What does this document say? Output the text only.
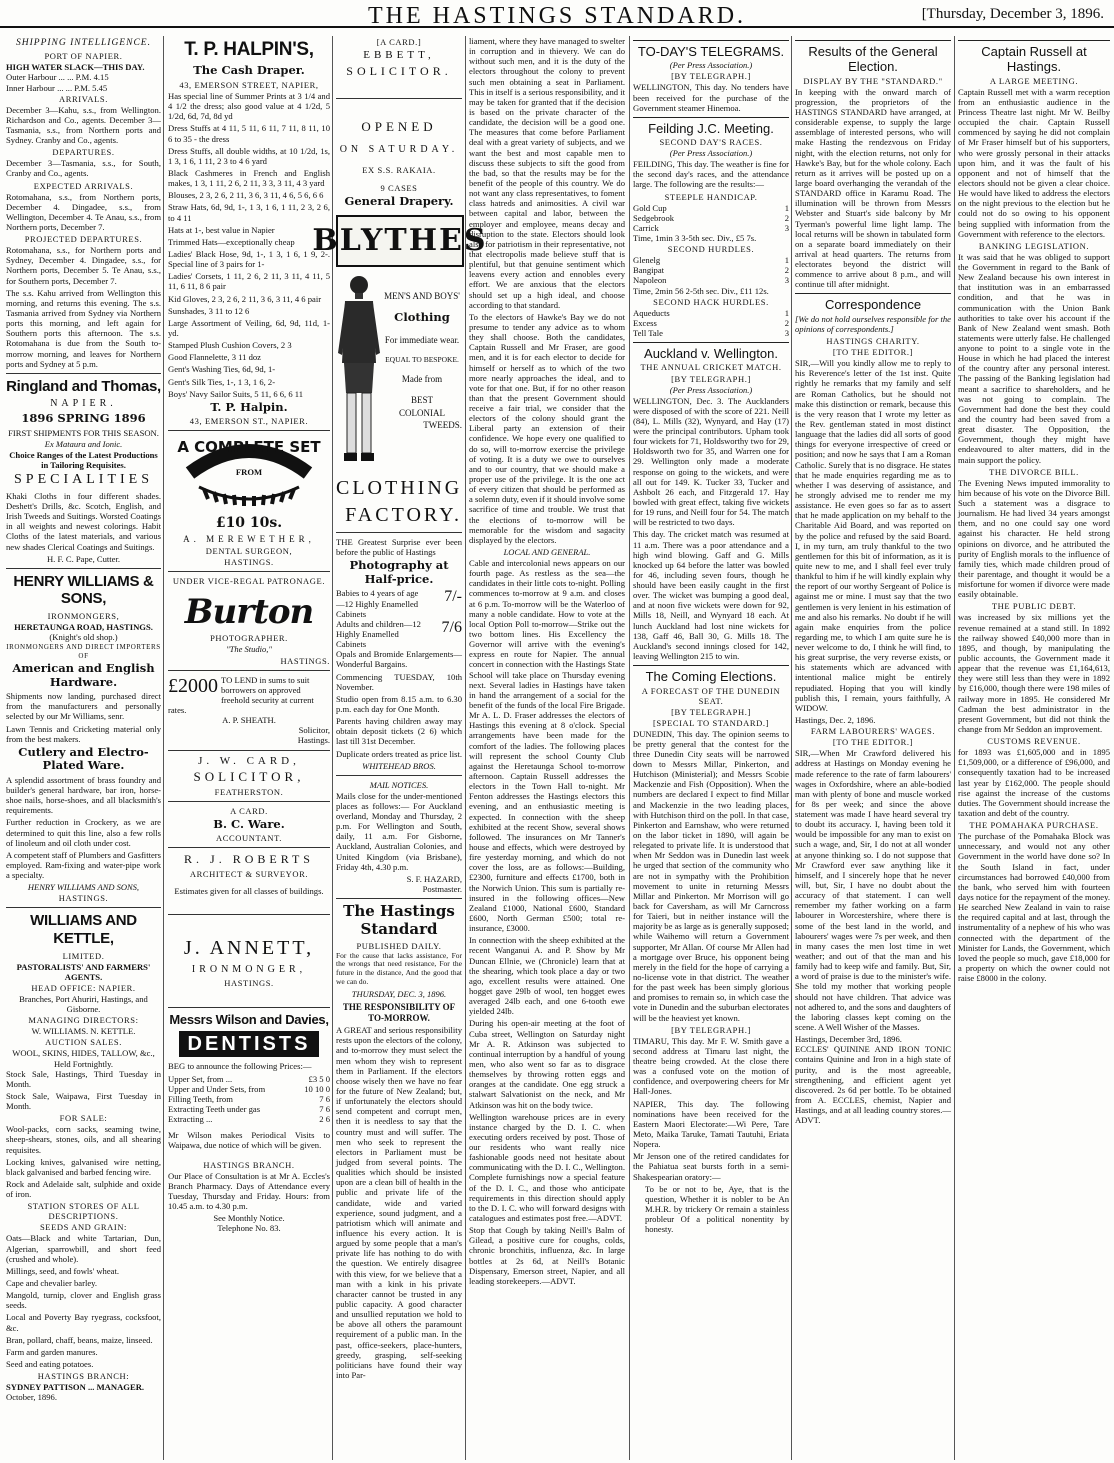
THE HASTINGS STANDARD.	[Thursday, December 3, 1896.
SHIPPING INTELLIGENCE.
PORT OF NAPIER.
HIGH WATER SLACK—THIS DAY.
Outer Harbour ... ... P.M. 4.15
Inner Harbour ... ... P.M. 5.45
ARRIVALS.

December 3—Kahu, s.s., from Wellington. Richardson and Co., agents. December 3—Tasmania, s.s., from Northern ports and Sydney. Cranby and Co., agents.

DEPARTURES.

December 3—Tasmania, s.s., for South, Cranby and Co., agents.

EXPECTED ARRIVALS.

Rotomahana, s.s., from Northern ports, December 4. Dingadee, s.s., from Wellington, December 4. Te Anau, s.s., from Northern ports, December 7.

PROJECTED DEPARTURES.

Rotomahana, s.s., for Northern ports and Sydney, December 4. Dingadee, s.s., for Northern ports, December 5. Te Anau, s.s., for Southern ports, December 7.

The s.s. Kahu arrived from Wellington this morning, and returns this evening. The s.s. Tasmania arrived from Sydney via Northern ports this morning, and left again for Southern ports this afternoon. The s.s. Rotomahana is due from the South to-morrow morning, and leaves for Northern ports and Sydney at 5 p.m.

Ringland and Thomas,
NAPIER.
1896 SPRING 1896
FIRST SHIPMENTS FOR THIS SEASON.
Ex Mataura and Ionic.
Choice Ranges of the Latest Productions in Tailoring Requisites.
SPECIALITIES

Khaki Cloths in four different shades. Deshett's Drills, &c. Scotch, English, and Irish Tweeds and Suitings. Worsted Coatings in all weights and newest colorings. Habit Cloths of the latest materials, and various new shades Clerical Coatings and Suitings.

H. F. C. Pape, Cutter.
HENRY WILLIAMS & SONS,
IRONMONGERS,
HERETAUNGA ROAD, HASTINGS.
(Knight's old shop.)
IRONMONGERS AND DIRECT IMPORTERS OF
American and English Hardware.

Shipments now landing, purchased direct from the manufacturers and personally selected by our Mr Williams, senr.

Lawn Tennis and Cricketing material only from the best makers.

Cutlery and Electro-Plated Ware.

A splendid assortment of brass foundry and builder's general hardware, bar iron, horse-shoe nails, horse-shoes, and all blacksmith's requirements.

Further reduction in Crockery, as we are determined to quit this line, also a few rolls of linoleum and oil cloth under cost.

A competent staff of Plumbers and Gasfitters employed. Ram-fixing and water-pipe work a specialty.

HENRY WILLIAMS AND SONS,
HASTINGS.
WILLIAMS AND KETTLE,
LIMITED.
PASTORALISTS' AND FARMERS' AGENTS.
HEAD OFFICE: NAPIER.
Branches, Port Ahuriri, Hastings, and Gisborne.
MANAGING DIRECTORS:
W. WILLIAMS. N. KETTLE.
AUCTION SALES.
WOOL, SKINS, HIDES, TALLOW, &c., Held Fortnightly.

Stock Sale, Hastings, Third Tuesday in Month.

Stock Sale, Waipawa, First Tuesday in Month.

FOR SALE:

Wool-packs, corn sacks, seaming twine, sheep-shears, stones, oils, and all shearing requisites.

Locking knives, galvanised wire netting, black galvanised and barbed fencing wire.

Rock and Adelaide salt, sulphide and oxide of iron.

STATION STORES OF ALL DESCRIPTIONS.
SEEDS AND GRAIN:

Oats—Black and white Tartarian, Dun, Algerian, sparrowbill, and short feed (crushed and whole).

Millings, seed, and fowls' wheat.

Cape and chevalier barley.

Mangold, turnip, clover and English grass seeds.

Local and Poverty Bay ryegrass, cocksfoot, &c.

Bran, pollard, chaff, beans, maize, linseed.

Farm and garden manures.

Seed and eating potatoes.

HASTINGS BRANCH:
SYDNEY PATTISON ... MANAGER.
October, 1896.
T. P. HALPIN'S,
The Cash Draper.
43, EMERSON STREET, NAPIER,

Has special line of Summer Prints at 3 1/4 and 4 1/2 the dress; also good value at 4 1/2d, 5 1/2d, 6d, 7d, 8d yd

Dress Stuffs at 4 11, 5 11, 6 11, 7 11, 8 11, 10 6 to 35 - the dress

Dress Stuffs, all double widths, at 10 1/2d, 1s, 1 3, 1 6, 1 11, 2 3 to 4 6 yard

Black Cashmeres in French and English makes, 1 3, 1 11, 2 6, 2 11, 3 3, 3 11, 4 3 yard

Blouses, 2 3, 2 6, 2 11, 3 6, 3 11, 4 6, 5 6, 6 6

Straw Hats, 6d, 9d, 1-, 1 3, 1 6, 1 11, 2 3, 2 6, to 4 11

Hats at 1-, best value in Napier

Trimmed Hats—exceptionally cheap

Ladies' Black Hose, 9d, 1-, 1 3, 1 6, 1 9, 2-. Special line of 3 pairs for 1-

Ladies' Corsets, 1 11, 2 6, 2 11, 3 11, 4 11, 5 11, 6 11, 8 6 pair

Kid Gloves, 2 3, 2 6, 2 11, 3 6, 3 11, 4 6 pair

Sunshades, 3 11 to 12 6

Large Assortment of Veiling, 6d, 9d, 11d, 1- yd.

Stamped Plush Cushion Covers, 2 3

Good Flannelette, 3 11 doz

Gent's Washing Ties, 6d, 9d, 1-

Gent's Silk Ties, 1-, 1 3, 1 6, 2-

Boys' Navy Sailor Suits, 5 11, 6 6, 6 11

T. P. Halpin.
43, EMERSON ST., NAPIER.
A COMPLETE SET
FROM
£10 10s.
A. MEREWETHER,
DENTAL SURGEON,
HASTINGS.
UNDER VICE-REGAL PATRONAGE.
Burton
PHOTOGRAPHER.
"The Studio,"
HASTINGS.
£2000 TO LEND in sums to suit borrowers on approved freehold security at current rates.
A. P. SHEATH.
Solicitor,
Hastings.
J. W. CARD,
SOLICITOR,
FEATHERSTON.
A CARD.
B. C. Ware.
ACCOUNTANT.
R. J. ROBERTS
ARCHITECT & SURVEYOR.
Estimates given for all classes of buildings.
J. ANNETT,
IRONMONGER,
HASTINGS.
Messrs Wilson and Davies,
DENTISTS

BEG to announce the following Prices:—

Upper Set, from ...	£3 5 0
Upper and Under Sets, from	10 10 0
Filling Teeth, from	7 6
Extracting Teeth under gas	7 6
Extracting ...	2 6

Mr Wilson makes Periodical Visits to Waipawa, due notice of which will be given.

HASTINGS BRANCH.

Our Place of Consultation is at Mr A. Eccles's Branch Pharmacy. Days of Attendance every Tuesday, Thursday and Friday. Hours: from 10.45 a.m. to 4.30 p.m.

See Monthly Notice.
Telephone No. 83.
[A CARD.]
EBBETT,
SOLICITOR.
OPENED
ON SATURDAY.
EX S.S. RAKAIA.
9 CASES
General Drapery.
BLYTHES
MEN'S AND BOYS'
Clothing
For immediate wear.
EQUAL TO BESPOKE.
Made from
BEST
COLONIAL
TWEEDS.
CLOTHING
FACTORY.

THE Greatest Surprise ever been before the public of Hastings

Photography at Half-price.
Babies to 4 years of age—12 Highly Enamelled Cabinets
7/-
Adults and children—12 Highly Enamelled Cabinets
7/6

Opals and Bromide Enlargements—Wonderful Bargains.

Commencing TUESDAY, 10th November.

Studio open from 8.15 a.m. to 6.30 p.m. each day for One Month.

Parents having children away may obtain deposit tickets (2 6) which last till 31st December.

Duplicate orders treated as price list.

WHITEHEAD BROS.
MAIL NOTICES.

Mails close for the under-mentioned places as follows:— For Auckland overland, Monday and Thursday, 2 p.m. For Wellington and South, daily, 11 a.m. For Gisborne, Auckland, Australian Colonies, and United Kingdom (via Brisbane), Friday 4th, 4.30 p.m.

S. F. HAZARD,
Postmaster.
The Hastings Standard
PUBLISHED DAILY.

For the cause that lacks assistance, For the wrongs that need resistance, For the future in the distance, And the good that we can do.

THURSDAY, DEC. 3, 1896.
THE RESPONSIBILITY OF TO-MORROW.

A GREAT and serious responsibility rests upon the electors of the colony, and to-morrow they must select the men whom they wish to represent them in Parliament. If the electors choose wisely then we have no fear for the future of New Zealand; but, if unfortunately the electors should send competent and corrupt men, then it is needless to say that the country must and will suffer. The men who seek to represent the electors in Parliament must be judged from several points. The qualities which should be insisted upon are a clean bill of health in the public and private life of the candidate, wide and varied experience, sound judgment, and a patriotism which will animate and influence his every action. It is argued by some people that a man's private life has nothing to do with the question. We entirely disagree with this view, for we believe that a man with a kink in his private character cannot be trusted in any public capacity. A good character and unsullied reputation we hold to be above all others the paramount requirement of a public man. In the past, office-seekers, place-hunters, greedy, grasping, self-seeking politicians have found their way into Par-

liament, where they have managed to swelter in corruption and in thievery. We can do without such men, and it is the duty of the electors throughout the colony to prevent such men obtaining a seat in Parliament. This in itself is a serious responsibility, and it may be taken for granted that if the decision is based on the private character of the candidate, the decision will be a good one. The measures that come before Parliament deal with a great variety of subjects, and we want the best and most capable men to discuss these subjects to sift the good from the bad, so that the results may be for the benefit of the people of this country. We do not want any class representatives, to foment class hatreds and animosities. A civil war between capital and labor, between the employer and employee, means decay and disruption to the state. Electors should look also for patriotism in their representative, not that electropolis made believe stuff that is plentiful, but that genuine sentiment which leavens every action and ennobles every effort. We are anxious that the electors should set up a high ideal, and choose according to that standard.

To the electors of Hawke's Bay we do not presume to tender any advice as to whom they shall choose. Both the candidates, Captain Russell and Mr Fraser, are good men, and it is for each elector to decide for himself or herself as to which of the two more nearly approaches the ideal, and to vote for that one. But, if for no other reason than that the present Government should receive a fair trial, we consider that the electors of the colony should grant the Liberal party an extension of their confidence. We hope every one qualified to do so, will to-morrow exercise the privilege of voting. It is a duty we owe to ourselves and to our country, that we should make a proper use of the privilege. It is the one act of every citizen that should be performed as a solemn duty, even if it should involve some sacrifice of time and trouble. We trust that the elections of to-morrow will be memorable for the wisdom and sagacity displayed by the electors.

LOCAL AND GENERAL.

Cable and intercolonial news appears on our fourth page. As restless as the sea—the candidates in their little cots to-night. Polling commences to-morrow at 9 a.m. and closes at 6 p.m. To-morrow will be the Waterloo of many a noble candidate. How to vote at the local Option Poll to-morrow—Strike out the two bottom lines. His Excellency the Governor will arrive with the evening's express en route for Napier. The annual concert in connection with the Hastings State School will take place on Thursday evening next. Several ladies in Hastings have taken in hand the arrangement of a social for the benefit of the funds of the local Fire Brigade. Mr A. L. D. Fraser addresses the electors of Hastings this evening at 8 o'clock. Special arrangements have been made for the comfort of the ladies. The following places will represent the school County Club against the Heretaunga School to-morrow afternoon. Captain Russell addresses the electors in the Town Hall to-night. Mr Fenton addresses the Hastings electors this evening, and an enthusiastic meeting is expected. In connection with the sheep exhibited at the recent Show, several shows followed. The insurances on Mr Tanner's house and effects, which were destroyed by fire yesterday morning, and which do not cover the loss, are as follows:—Building, £2300, furniture and effects £1700, both in the Norwich Union. This sum is partially re-insured in the following offices—New Zealand £1000, National £600, Standard £600, North German £500; total re-insurance, £3000.

In connection with the sheep exhibited at the recent Wanganui A. and P. Show by Mr Duncan Ellnie, we (Chronicle) learn that at the shearing, which took place a day or two ago, excellent results were attained. One hogget gave 29lb of wool, ten hogget ewes averaged 24lb each, and one 6-tooth ewe yielded 24lb.

During his open-air meeting at the foot of Cuba street, Wellington on Saturday night Mr A. R. Atkinson was subjected to continual interruption by a handful of young men, who also went so far as to disgrace themselves by throwing rotten eggs and oranges at the candidate. One egg struck a stalwart Salvationist on the neck, and Mr Atkinson was hit on the body twice.

Wellington warehouse prices are in every instance charged by the D. I. C. when executing orders received by post. Those of our residents who want really nice fashionable goods need not hesitate about communicating with the D. I. C., Wellington. Complete furnishings now a special feature of the D. I. C., and those who anticipate requirements in this direction should apply to the D. I. C. who will forward designs with catalogues and estimates post free.—ADVT.

Stop that Cough by taking Neill's Balm of Gilead, a positive cure for coughs, colds, chronic bronchitis, influenza, &c. In large bottles at 2s 6d, at Neill's Botanic Dispensary, Emerson street, Napier, and all leading storekeepers.—ADVT.

TO-DAY'S TELEGRAMS.
(Per Press Association.)
[BY TELEGRAPH.]

WELLINGTON, This day. No tenders have been received for the purchase of the Government steamer Hinemoa.

Feilding J.C. Meeting.
SECOND DAY'S RACES.
(Per Press Association.)

FEILDING, This day. The weather is fine for the second day's races, and the attendance large. The following are the results:—

STEEPLE HANDICAP.
Gold Cup	1
Sedgebrook	2
Carrick	3
Time, 1min 3 3-5th sec. Div., £5 7s.
SECOND HURDLES.
Glenelg	1
Bangipat	2
Napoleon	3
Time, 2min 56 2-5th sec. Div., £11 12s.
SECOND HACK HURDLES.
Aqueducts	1
Excess	2
Tell Tale	3
Auckland v. Wellington.
THE ANNUAL CRICKET MATCH.
[BY TELEGRAPH.]
(Per Press Association.)

WELLINGTON, Dec. 3. The Aucklanders were disposed of with the score of 221. Neill (84), L. Mills (32), Wynyard, and Hay (17) were the principal contributors. Upham took four wickets for 71, Holdsworthy two for 29, Holdsworth two for 35, and Warren one for 29. Wellington only made a moderate response on going to the wickets, and were all out for 149. K. Tucker 33, Tucker and Ashbolt 26 each, and Fitzgerald 17. Hay bowled with great effect, taking five wickets for 19 runs, and Neill four for 54. The match will be restricted to two days.

This day. The cricket match was resumed at 11 a.m. There was a poor attendance and a high wind blowing. Gaff and G. Mills knocked up 64 before the latter was bowled for 46, including seven fours, though he should have been easily caught in the first over. The wicket was bumping a good deal, and at noon five wickets were down for 92, Mills 18, Neill, and Wynyard 18 each. At lunch Auckland had lost nine wickets for 138, Gaff 46, Ball 30, G. Mills 18. The Auckland's second innings closed for 142, leaving Wellington 215 to win.

The Coming Elections.
A FORECAST OF THE DUNEDIN SEAT.
[BY TELEGRAPH.]
[SPECIAL TO STANDARD.]

DUNEDIN, This day. The opinion seems to be pretty general that the contest for the three Dunedin City seats will be narrowed down to Messrs Millar, Pinkerton, and Hutchison (Ministerial); and Messrs Scobie Mackenzie and Fish (Opposition). When the numbers are declared I expect to find Millar and Mackenzie in the two leading places, with Hutchison third on the poll. In that case, Pinkerton and Earnshaw, who were returned on the labor ticket in 1890, will again be relegated to private life. It is understood that when Mr Seddon was in Dunedin last week he urged that section of the community who are not in sympathy with the Prohibition movement to unite in returning Messrs Millar and Pinkerton. Mr Morrison will go back for Caversham, as will Mr Carncross for Taieri, but in neither instance will the majority be as large as is generally supposed; while Waihemo will return a Government supporter, Mr Allan. Of course Mr Allen had a mortgage over Bruce, his opponent being merely in the field for the hope of carrying a no-license vote in that district. The weather for the past week has been simply glorious and promises to remain so, in which case the vote in Dunedin and the suburban electorates will be the heaviest yet known.

[BY TELEGRAPH.]

TIMARU, This day. Mr F. W. Smith gave a second address at Timaru last night, the theatre being crowded. At the close there was a confused vote on the motion of confidence, and overpowering cheers for Mr Hall-Jones.

NAPIER, This day. The following nominations have been received for the Eastern Maori Electorate:—Wi Pere, Tare Meto, Maika Taruke, Tamati Tautuhi, Eriata Nopera.

Mr Jenson one of the retired candidates for the Pahiatua seat bursts forth in a semi-Shakespearian oratory:—

To be or not to be, Aye, that is the question, Whether it is nobler to be An M.H.R. by trickery Or remain a stainless probleur Of a political nonentity by honesty.

Results of the General Election.
DISPLAY BY THE "STANDARD."

In keeping with the onward march of progression, the proprietors of the HASTINGS STANDARD have arranged, at considerable expense, to supply the large assemblage of interested persons, who will make Hasting the rendezvous on Friday night, with the election returns, not only for Hawke's Bay, but for the whole colony. Each return as it arrives will be posted up on a large board overhanging the verandah of the STANDARD office in Karamu Road. The illumination will be thrown from Messrs Webster and Stuart's side balcony by Mr Tyerman's powerful lime light lamp. The local returns will be shown in tabulated form on a separate board immediately on their arrival at head quarters. The returns from electorates beyond the district will commence to arrive about 8 p.m., and will continue till after midnight.

Correspondence

[We do not hold ourselves responsible for the opinions of correspondents.]

HASTINGS CHARITY.
[TO THE EDITOR.]

SIR,—Will you kindly allow me to reply to his Reverence's letter of the 1st inst. Quite rightly he remarks that my family and self are Roman Catholics, but he should not make this distinction or remark, because this is the very reason that I wrote my letter as the Rev. gentleman stated in most distinct language that the ladies did all sorts of good things for everyone irrespective of creed or position; and now he says that I am a Roman Catholic. Surely that is no disgrace. He states that he made enquiries regarding me as to whether I was deserving of assistance, and he strongly advised me to render me my assistance. He even goes so far as to assert that he made application on my behalf to the Charitable Aid Board, and was reported on by the police and refused by the said Board. I, in my turn, am truly thankful to the two gentlemen for this bit of information, as it is quite new to me, and I shall feel ever truly thankful to him if he will kindly explain why the report of our worthy Sergeant of Police is against me or mine. I must say that the two gentlemen is very lenient in his estimation of me and also his remarks. No doubt if he will again make enquiries from the police regarding me, to which I am quite sure he is never welcome to do, I think he will find, to his great surprise, the very reverse exists, or his statements which are advanced with intentional malice might be entirely repudiated. Hoping that you will kindly publish this, I remain, yours faithfully, A WIDOW.

Hastings, Dec. 2, 1896.
FARM LABOURERS' WAGES.
[TO THE EDITOR.]

SIR,—When Mr Crawford delivered his address at Hastings on Monday evening he made reference to the rate of farm labourers' wages in Oxfordshire, where an able-bodied man with plenty of bone and muscle worked for 8s per week; and since the above statement was made I have heard several try to doubt its accuracy. I, having been told it would be impossible for any man to exist on such a wage, and, Sir, I do not at all wonder at anyone thinking so. I do not suppose that Mr Crawford ever saw anything like it himself, and I sincerely hope that he never will, but, Sir, I have no doubt about the accuracy of that statement. I can well remember my father working on a farm labourer in Worcestershire, where there is some of the best land in the world, and labourers' wages were 7s per week, and then in many cases the men lost time in wet weather; and out of that the man and his family had to keep wife and family. But, Sir, a word of praise is due to the minister's wife. She told my mother that working people should not have children. That advice was not adhered to, and the sons and daughters of the laboring classes kept coming on the scene. A Well Wisher of the Masses.

Hastings, December 3rd, 1896.

ECCLES' QUININE AND IRON TONIC contains Quinine and Iron in a high state of purity, and is the most agreeable, strengthening, and efficient agent yet discovered. 2s 6d per bottle. To be obtained from A. ECCLES, chemist, Napier and Hastings, and at all leading country stores.—ADVT.

Captain Russell at Hastings.
A LARGE MEETING.

Captain Russell met with a warm reception from an enthusiastic audience in the Princess Theatre last night. Mr W. Beilby occupied the chair. Captain Russell commenced by saying he did not complain of Mr Fraser himself but of his supporters, who were grossly personal in their attacks upon him, and it was the fault of his opponent and not of himself that the electors should not be given a clear choice. He would have liked to address the electors on the night previous to the election but he could not do so owing to his opponent being supplied with information from the Government with reference to the electors.

BANKING LEGISLATION.

It was said that he was obliged to support the Government in regard to the Bank of New Zealand because his own interest in that institution was in an embarrassed condition, and that he was in communication with the Union Bank authorities to take over his account if the Bank of New Zealand went smash. Both statements were utterly false. He challenged anyone to point to a single vote in the House in which he had placed the interest of the country after any personal interest. The passing of the Banking legislation had meant a sacrifice to shareholders, and he was not going to complain. The Government had done the best they could and the country had been saved from a great disaster. The Opposition, the Government, though they might have endeavoured to alter matters, did in the main support the policy.

THE DIVORCE BILL.

The Evening News imputed immorality to him because of his vote on the Divorce Bill. Such a statement was a disgrace to journalism. He had lived 34 years amongst them, and no one could say one word against his character. He held strong opinions on divorce, and he attributed the purity of English morals to the influence of family ties, which made children proud of their parentage, and thought it would be a misfortune for women if divorce were made easily obtainable.

THE PUBLIC DEBT.

was increased by six millions yet the revenue remained at a stand still. In 1892 the railway showed £40,000 more than in 1895, and though, by manipulating the public accounts, the Government made it appear that the revenue was £1,164,613, they were still less than they were in 1892 by £16,000, though there were 198 miles of railway more in 1895. He considered Mr Cadman the best administrator in the present Government, but did not think the change from Mr Seddon an improvement.

CUSTOMS REVENUE.

for 1893 was £1,605,000 and in 1895 £1,509,000, or a difference of £96,000, and consequently taxation had to be increased last year by £162,000. The people should rise against the increase of the customs duties. The Government should increase the taxation and debt of the country.

THE POMAHAKA PURCHASE.

The purchase of the Pomahaka Block was unnecessary, and would not any other Government in the world have done so? In the South Island in fact, under circumstances had borrowed £40,000 from the bank, who served him with fourteen days notice for the repayment of the money. He searched New Zealand in vain to raise the required capital and at last, through the instrumentality of a nephew of his who was connected with the department of the Minister for Lands, the Government, which loved the people so much, gave £18,000 for a property on which the owner could not raise £8000 in the colony.
